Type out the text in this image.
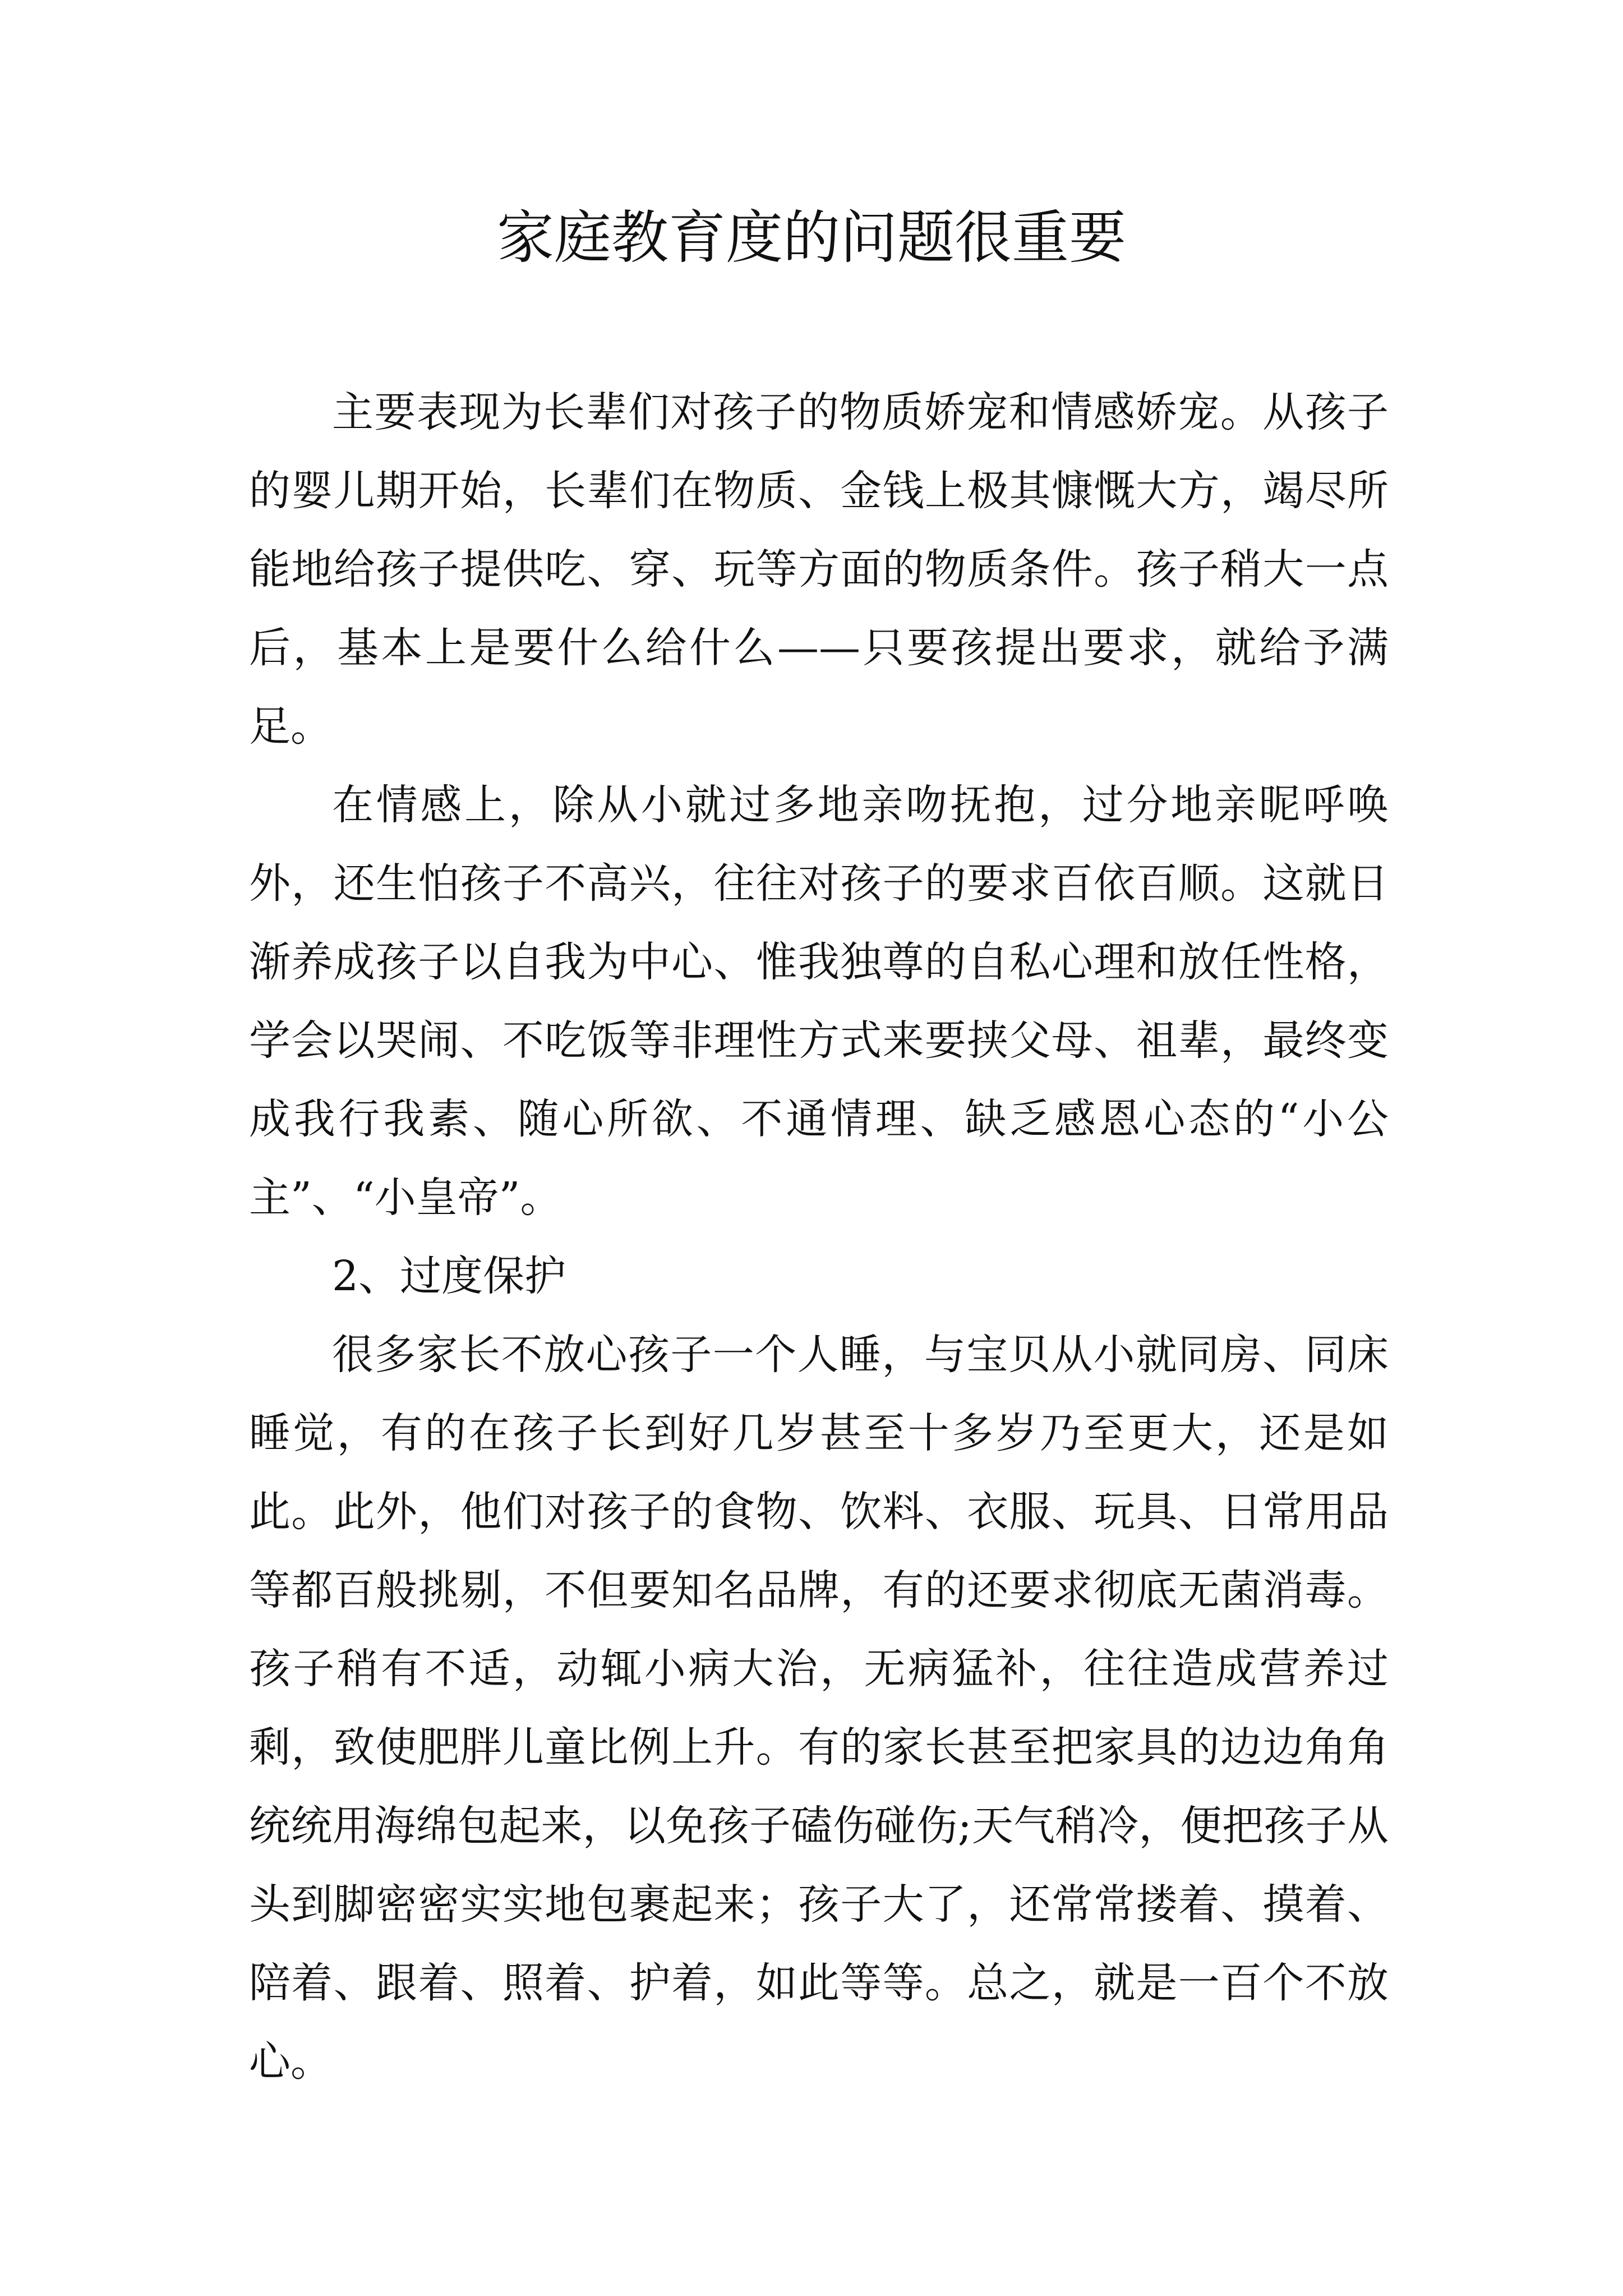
家庭教育度的问题很重要

主要表现为长辈们对孩子的物质娇宠和情感娇宠。从孩子的婴儿期开始，长辈们在物质、金钱上极其慷慨大方，竭尽所能地给孩子提供吃、穿、玩等方面的物质条件。孩子稍大一点后，基本上是要什么给什么——只要孩提出要求，就给予满足。

在情感上，除从小就过多地亲吻抚抱，过分地亲昵呼唤外，还生怕孩子不高兴，往往对孩子的要求百依百顺。这就日渐养成孩子以自我为中心、惟我独尊的自私心理和放任性格，学会以哭闹、不吃饭等非理性方式来要挟父母、祖辈，最终变成我行我素、随心所欲、不通情理、缺乏感恩心态的“小公主”、“小皇帝”。

2、过度保护

很多家长不放心孩子一个人睡，与宝贝从小就同房、同床睡觉，有的在孩子长到好几岁甚至十多岁乃至更大，还是如此。此外，他们对孩子的食物、饮料、衣服、玩具、日常用品等都百般挑剔，不但要知名品牌，有的还要求彻底无菌消毒。孩子稍有不适，动辄小病大治，无病猛补，往往造成营养过剩，致使肥胖儿童比例上升。有的家长甚至把家具的边边角角统统用海绵包起来，以免孩子磕伤碰伤;天气稍冷，便把孩子从头到脚密密实实地包裹起来；孩子大了，还常常搂着、摸着、陪着、跟着、照着、护着，如此等等。总之，就是一百个不放心。
